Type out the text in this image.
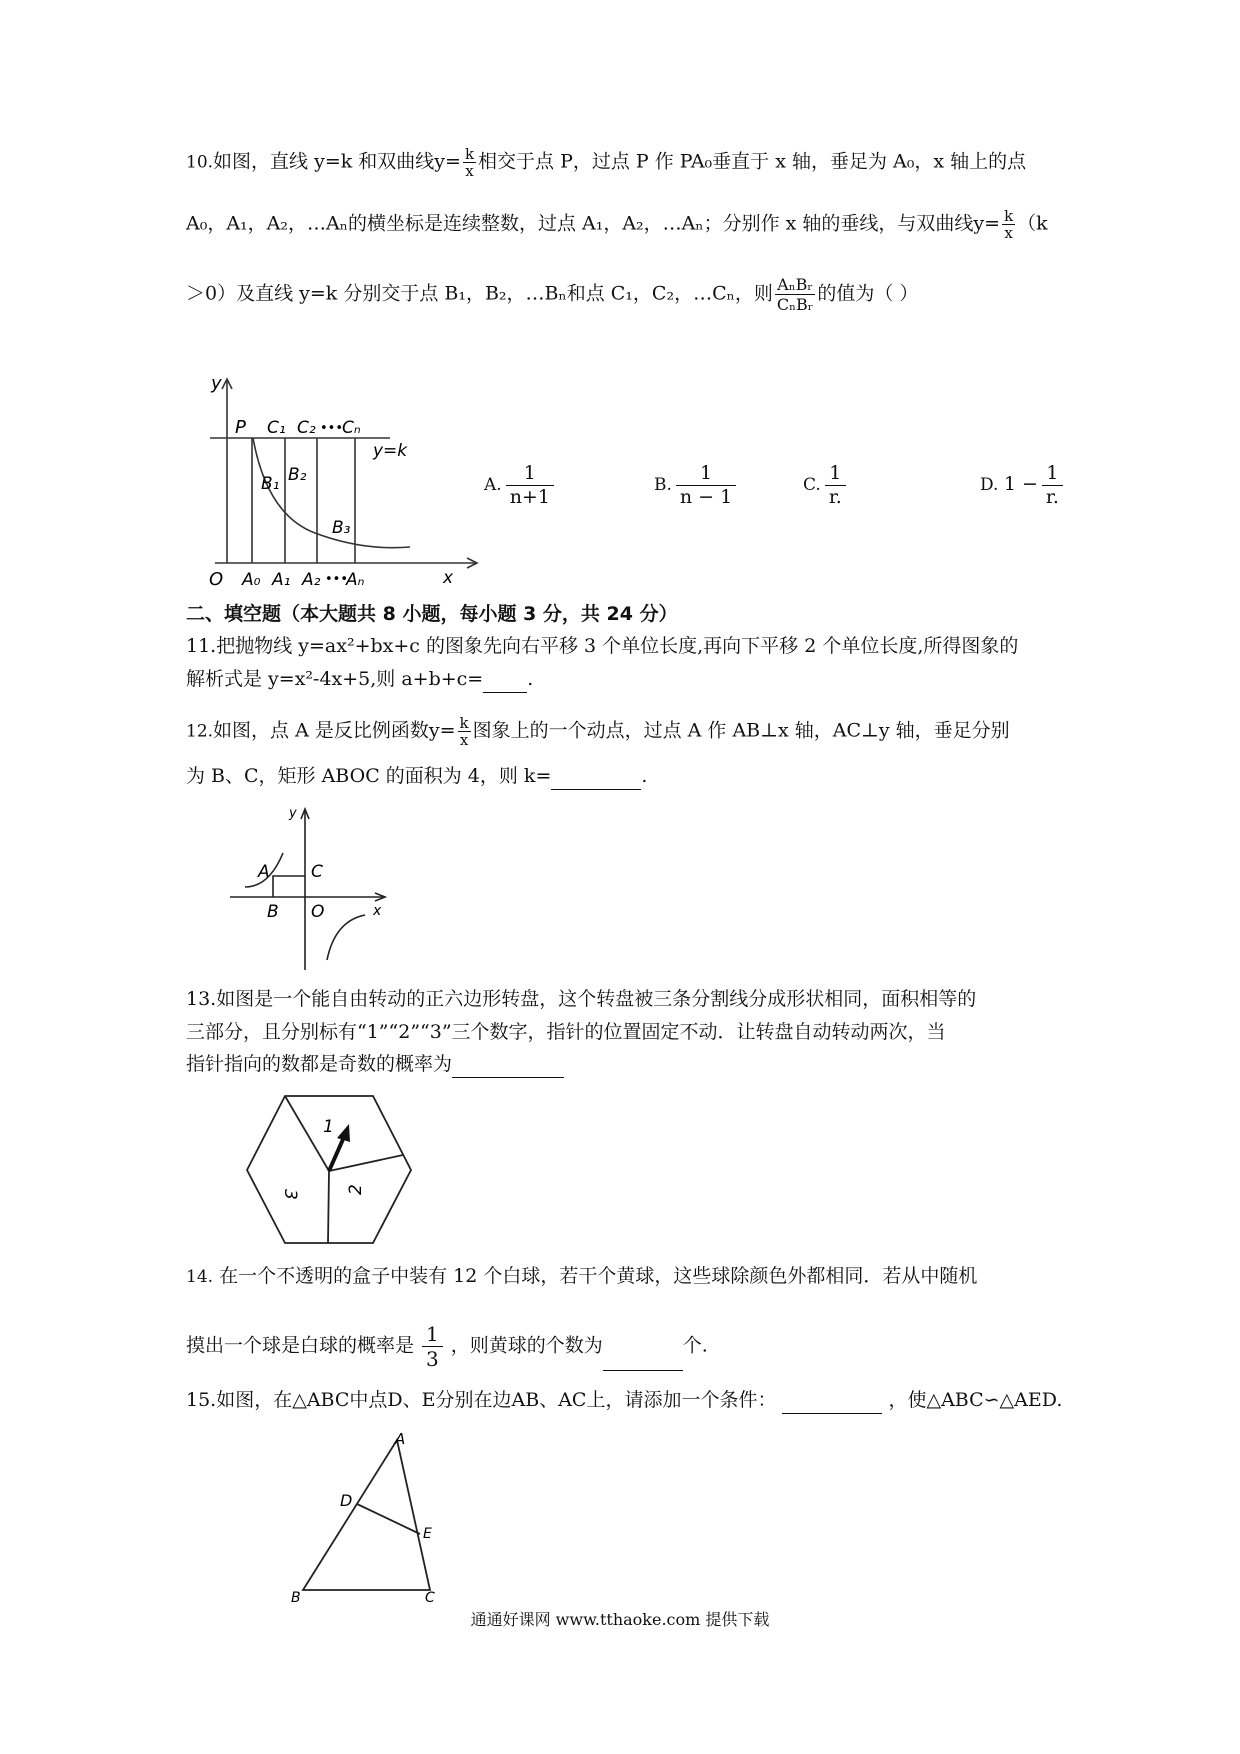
10.如图，直线 y=k 和双曲线$y= \frac{k}{x}$ 相交于点 P，过点 P 作 PA₀垂直于 x 轴，垂足为 A₀，x 轴上的点
A₀，A₁，A₂，…Aₙ的横坐标是连续整数，过点 A₁，A₂，…Aₙ；分别作 x 轴的垂线，与双曲线$y= \frac{k}{x} (k$
＞0）及直线 y=k 分别交于点 B₁，B₂，…Bₙ和点 C₁，C₂，…Cₙ，则 $\frac{\text{AₙBᵣ}}{\text{CₙBᵣ}}$ 的值为（ ）
y
P C₁ C₂ •••
Cₙ
y=k
B₁ B₂
B₃
O A₀ A₁ A₂ •••
Aₙ	x
A. $\frac{1}{n+1}$	B. $\frac{1}{n - 1}$	C. $\frac{1}{r.}$	D. $1 - \frac{1}{r.}$
二、填空题（本大题共 8 小题，每小题 3 分，共 24 分）
11.把抛物线 y=ax²+bx+c 的图象先向右平移 3 个单位长度,再向下平移 2 个单位长度,所得图象的
解析式是 y=x²-4x+5,则 a+b+c= .
12.如图，点 A 是反比例函数$y= \frac{k}{x}$ 图象上的一个动点，过点 A 作 AB⊥x 轴，AC⊥y 轴，垂足分别
为 B、C，矩形 ABOC 的面积为 4，则 k=	.
y
A C
B O	x
13.如图是一个能自由转动的正六边形转盘，这个转盘被三条分割线分成形状相同，面积相等的
三部分，且分别标有“1”“2”“3”三个数字，指针的位置固定不动．让转盘自动转动两次，当
指针指向的数都是奇数的概率为
1
2
3
14. 在一个不透明的盒子中装有 12 个白球，若干个黄球，这些球除颜色外都相同．若从中随机
摸出一个球是白球的概率是 $\frac{1}{3}$ ，则黄球的个数为	个.
15.如图，在△ABC中点D、E分别在边AB、AC上，请添加一个条件：	，使△ABC∽△AED.
A
D
E
B	C
通通好课网 www.tthaoke.com 提供下载
